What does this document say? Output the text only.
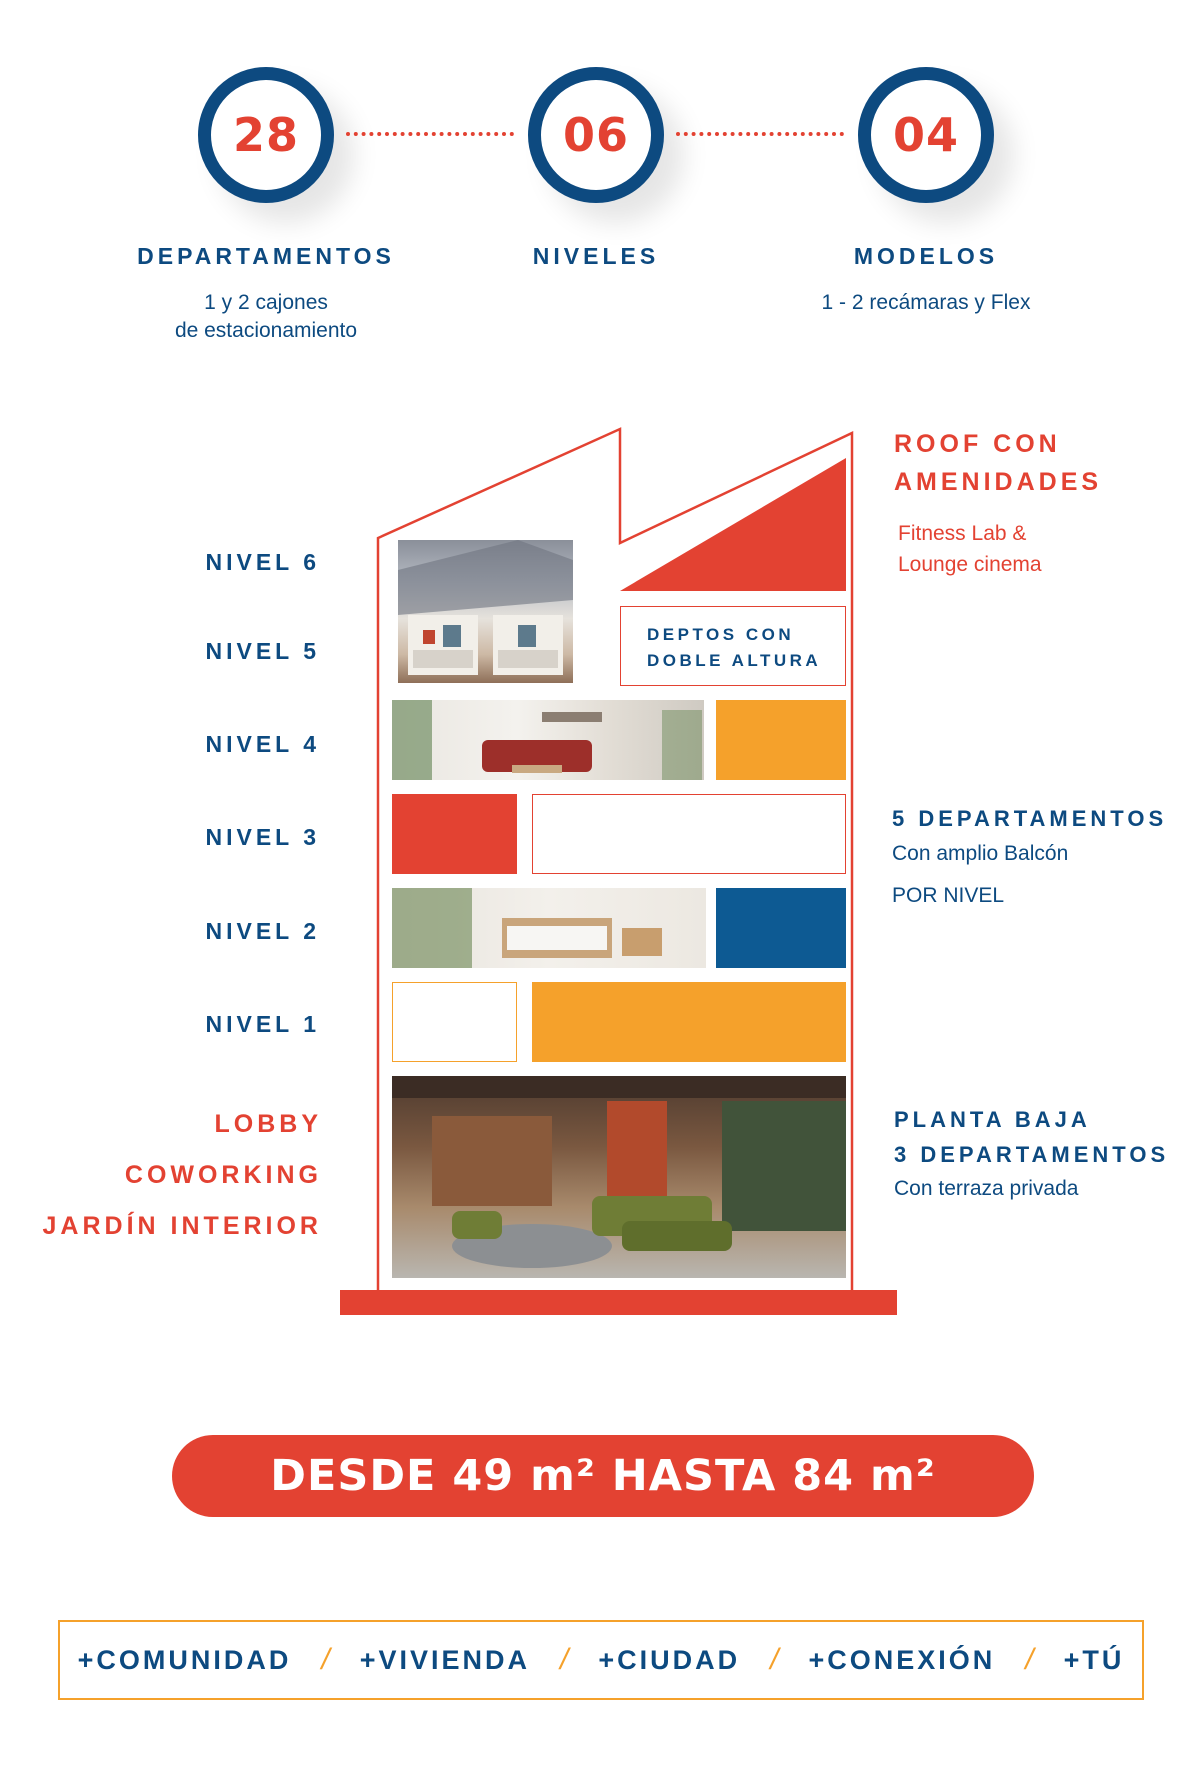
28
DEPARTAMENTOS
1 y 2 cajones
de estacionamiento
06
NIVELES
04
MODELOS
1 - 2 recámaras y Flex
DEPTOS CON
DOBLE ALTURA
NIVEL 6
NIVEL 5
NIVEL 4
NIVEL 3
NIVEL 2
NIVEL 1
LOBBY
COWORKING
JARDÍN INTERIOR
ROOF CON
AMENIDADES
Fitness Lab &
Lounge cinema
5 DEPARTAMENTOS
Con amplio Balcón
POR NIVEL
PLANTA BAJA
3 DEPARTAMENTOS
Con terraza privada
DESDE 49 m² HASTA 84 m²
+COMUNIDAD / +VIVIENDA / +CIUDAD / +CONEXIÓN / +TÚ
